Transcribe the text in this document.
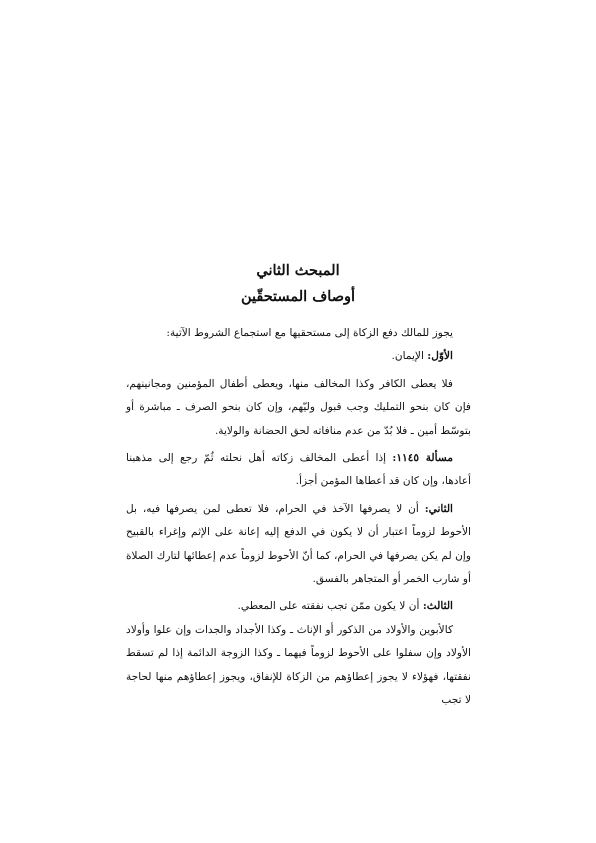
المبحث الثاني
أوصاف المستحقّين

يجوز للمالك دفع الزكاة إلى مستحقيها مع استجماع الشروط الآتية:

الأوّل: الإيمان.

فلا يعطى الكافر وكذا المخالف منها، ويعطى أطفال المؤمنين ومجانينهم، فإن كان بنحو التمليك وجب قبول وليّهم، وإن كان بنحو الصرف ـ مباشرة أو بتوسّط أمين ـ فلا بُدّ من عدم منافاته لحق الحضانة والولاية.

مسألة ١١٤٥: إذا أعطى المخالف زكاته أهل نحلته ثُمّ رجع إلى مذهبنا أعادها، وإن كان قد أعطاها المؤمن أجزأ.

الثاني: أن لا يصرفها الآخذ في الحرام، فلا تعطى لمن يصرفها فيه، بل الأحوط لزوماً اعتبار أن لا يكون في الدفع إليه إعانة على الإثم وإغراء بالقبيح وإن لم يكن يصرفها في الحرام، كما أنّ الأحوط لزوماً عدم إعطائها لتارك الصلاة أو شارب الخمر أو المتجاهر بالفسق.

الثالث: أن لا يكون ممّن تجب نفقته على المعطي.

كالأبوين والأولاد من الذكور أو الإناث ـ وكذا الأجداد والجدات وإن علوا وأولاد الأولاد وإن سفلوا على الأحوط لزوماً فيهما ـ وكذا الزوجة الدائمة إذا لم تسقط نفقتها، فهؤلاء لا يجوز إعطاؤهم من الزكاة للإنفاق، ويجوز إعطاؤهم منها لحاجة لا تجب
